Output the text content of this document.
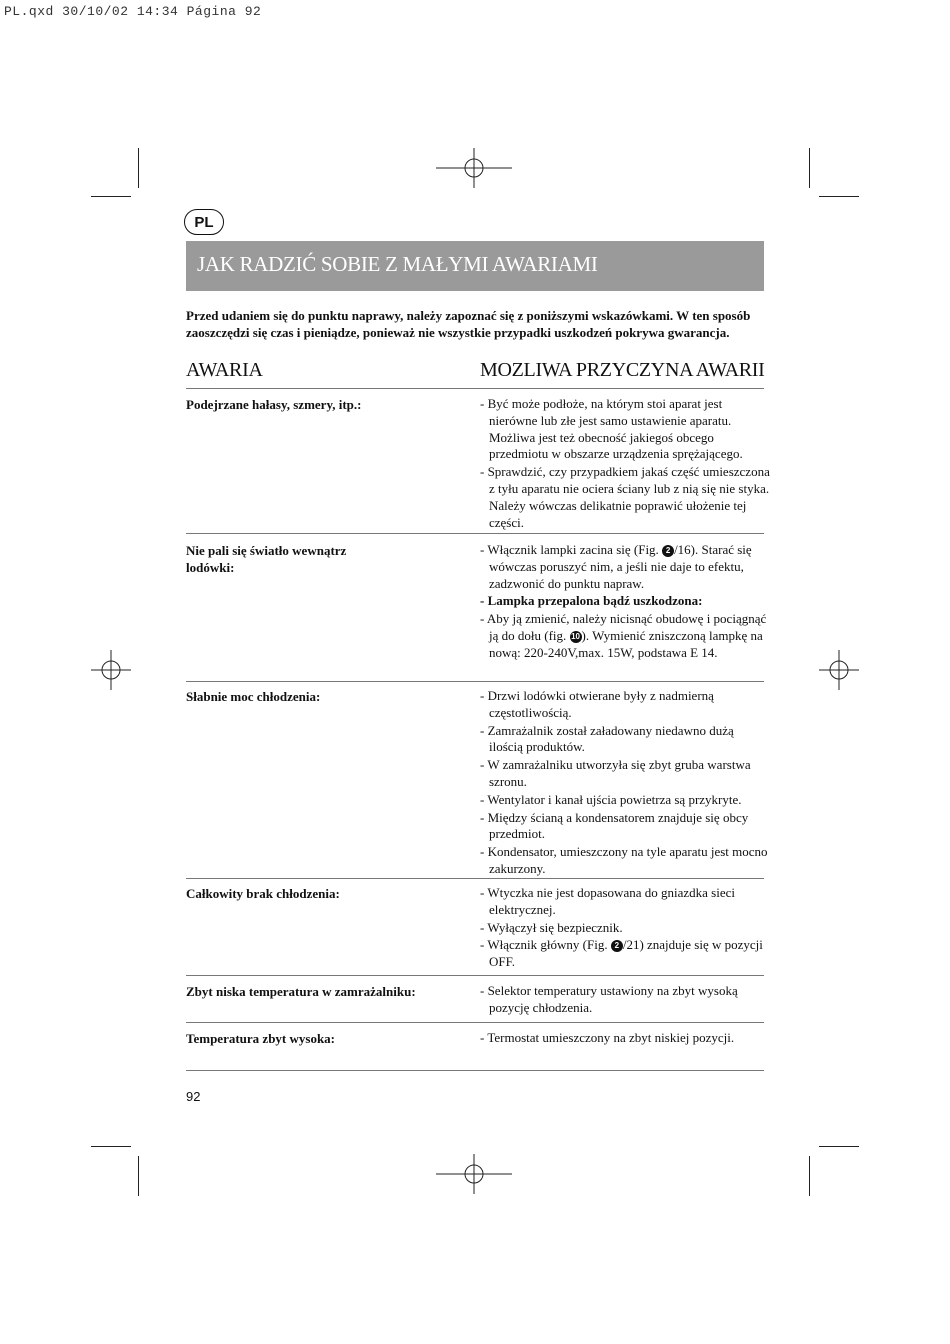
PL.qxd 30/10/02 14:34 Página 92
PL
JAK RADZIĆ SOBIE Z MAŁYMI AWARIAMI
Przed udaniem się do punktu naprawy, należy zapoznać się z poniższymi wskazówkami. W ten sposób zaoszczędzi się czas i pieniądze, ponieważ nie wszystkie przypadki uszkodzeń pokrywa gwarancja.
AWARIA	MOZLIWA PRZYCZYNA AWARII
Podejrzane hałasy, szmery, itp.:	- Być może podłoże, na którym stoi aparat jest nierówne lub złe jest samo ustawienie aparatu. Możliwa jest też obecność jakiegoś obcego przedmiotu w obszarze urządzenia sprężającego.
- Sprawdzić, czy przypadkiem jakaś część umieszczona z tyłu aparatu nie ociera ściany lub z nią się nie styka. Należy wówczas delikatnie poprawić ułożenie tej części.
Nie pali się światło wewnątrz lodówki:
- Włącznik lampki zacina się (Fig. 2 /16). Starać się wówczas poruszyć nim, a jeśli nie daje to efektu, zadzwonić do punktu napraw.
- Lampka przepalona bądź uszkodzona:
- Aby ją zmienić, należy nicisnąć obudowę i pociągnąć ją do dołu (fig. 10 ). Wymienić zniszczoną lampkę na nową: 220-240V,max. 15W, podstawa E 14.
Słabnie moc chłodzenia:	- Drzwi lodówki otwierane były z nadmierną częstotliwością.
- Zamrażalnik został załadowany niedawno dużą ilością produktów.
- W zamrażalniku utworzyła się zbyt gruba warstwa szronu.
- Wentylator i kanał ujścia powietrza są przykryte.
- Między ścianą a kondensatorem znajduje się obcy przedmiot.
- Kondensator, umieszczony na tyle aparatu jest mocno zakurzony.
Całkowity brak chłodzenia:	- Wtyczka nie jest dopasowana do gniazdka sieci elektrycznej.
- Wyłączył się bezpiecznik.
- Włącznik główny (Fig. 2 /21) znajduje się w pozycji OFF.
Zbyt niska temperatura w zamrażalniku:	- Selektor temperatury ustawiony na zbyt wysoką pozycję chłodzenia.
Temperatura zbyt wysoka:	- Termostat umieszczony na zbyt niskiej pozycji.
92
